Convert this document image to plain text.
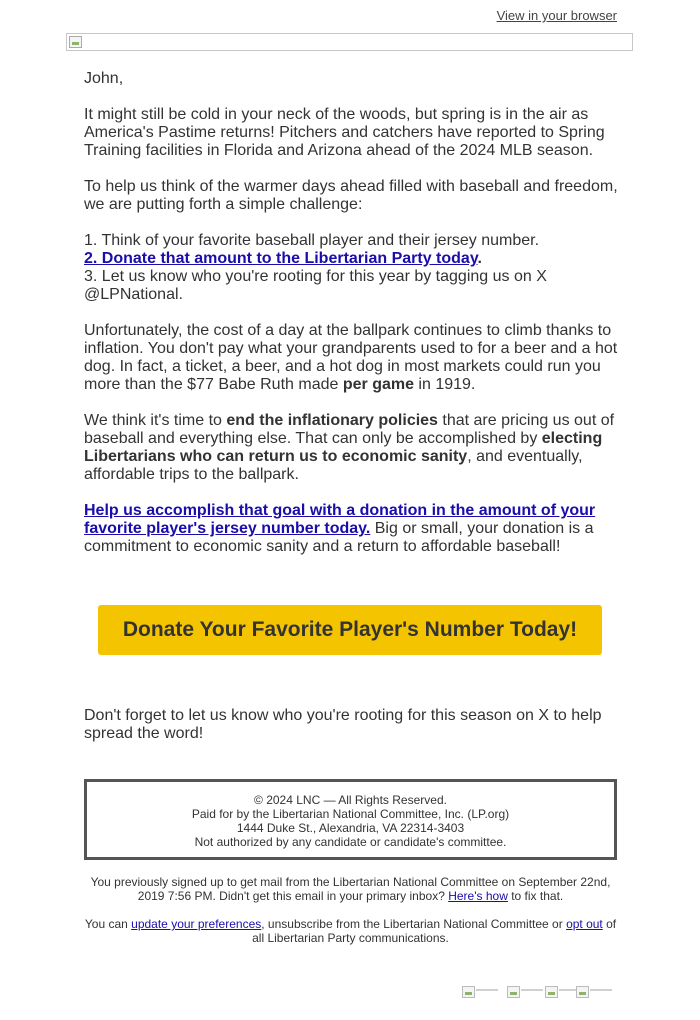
View in your browser

John,

It might still be cold in your neck of the woods, but spring is in the air as America's Pastime returns! Pitchers and catchers have reported to Spring Training facilities in Florida and Arizona ahead of the 2024 MLB season.

To help us think of the warmer days ahead filled with baseball and freedom, we are putting forth a simple challenge:

1. Think of your favorite baseball player and their jersey number.
2. Donate that amount to the Libertarian Party today.
3. Let us know who you're rooting for this year by tagging us on X @LPNational.

Unfortunately, the cost of a day at the ballpark continues to climb thanks to inflation. You don't pay what your grandparents used to for a beer and a hot dog. In fact, a ticket, a beer, and a hot dog in most markets could run you more than the $77 Babe Ruth made per game in 1919.

We think it's time to end the inflationary policies that are pricing us out of baseball and everything else. That can only be accomplished by electing Libertarians who can return us to economic sanity, and eventually, affordable trips to the ballpark.

Help us accomplish that goal with a donation in the amount of your favorite player's jersey number today. Big or small, your donation is a commitment to economic sanity and a return to affordable baseball!

Donate Your Favorite Player's Number Today!
Don't forget to let us know who you're rooting for this season on X to help spread the word!
© 2024 LNC — All Rights Reserved.
Paid for by the Libertarian National Committee, Inc. (LP.org)
1444 Duke St., Alexandria, VA 22314-3403
Not authorized by any candidate or candidate's committee.
You previously signed up to get mail from the Libertarian National Committee on September 22nd, 2019 7:56 PM. Didn't get this email in your primary inbox? Here's how to fix that.
You can update your preferences, unsubscribe from the Libertarian National Committee or opt out of all Libertarian Party communications.
